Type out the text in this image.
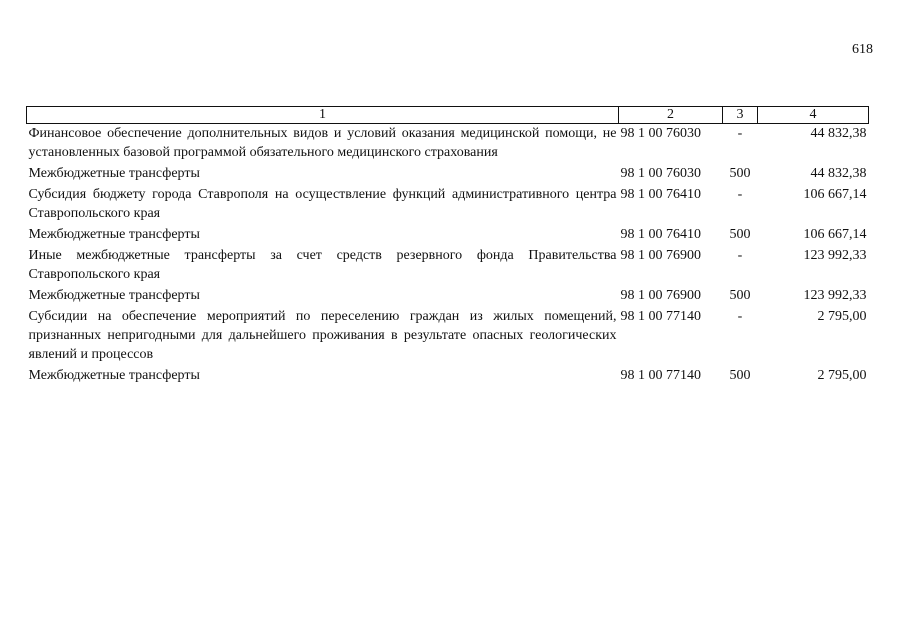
618
1	2	3	4
Финансовое обеспечение дополнительных видов и условий оказания медицинской помощи, не установленных базовой программой обязательного медицинского страхования	98 1 00 76030	-	44 832,38
Межбюджетные трансферты	98 1 00 76030	500	44 832,38
Субсидия бюджету города Ставрополя на осуществление функций административного центра Ставропольского края	98 1 00 76410	-	106 667,14
Межбюджетные трансферты	98 1 00 76410	500	106 667,14
Иные межбюджетные трансферты за счет средств резервного фонда Правительства Ставропольского края	98 1 00 76900	-	123 992,33
Межбюджетные трансферты	98 1 00 76900	500	123 992,33
Субсидии на обеспечение мероприятий по переселению граждан из жилых помещений, признанных непригодными для дальнейшего проживания в результате опасных геологических явлений и процессов	98 1 00 77140	-	2 795,00
Межбюджетные трансферты	98 1 00 77140	500	2 795,00
